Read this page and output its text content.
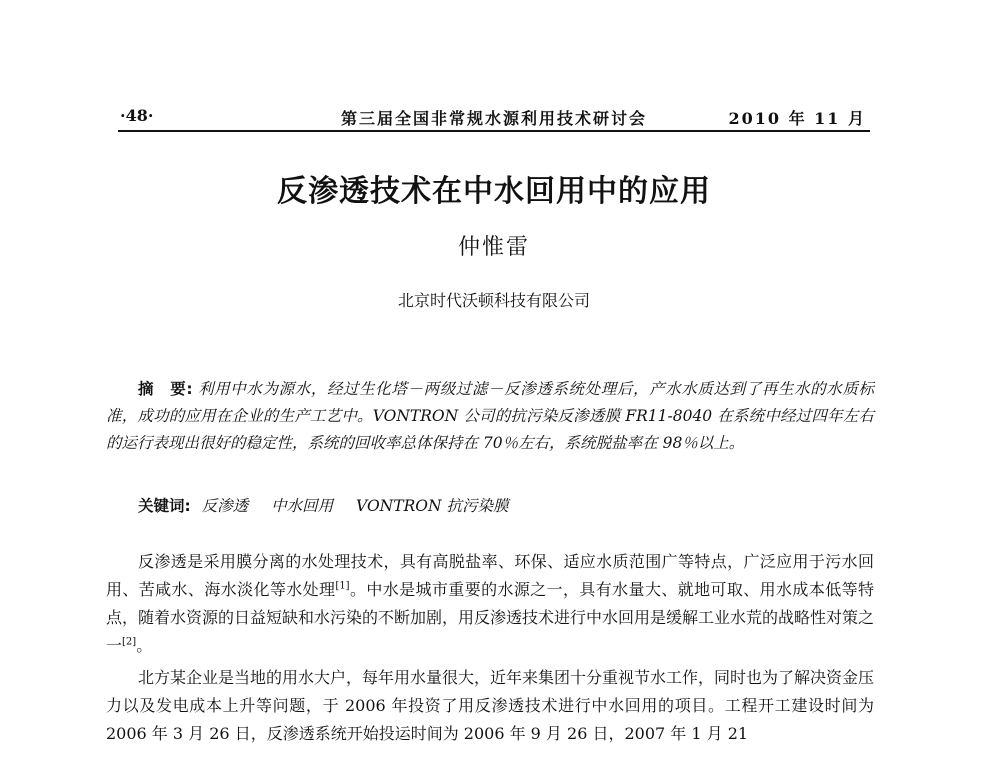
·48·	第三届全国非常规水源利用技术研讨会	2010 年 11 月
反渗透技术在中水回用中的应用
仲惟雷
北京时代沃顿科技有限公司
摘　要: 利用中水为源水，经过生化塔－两级过滤－反渗透系统处理后，产水水质达到了再生水的水质标准，成功的应用在企业的生产工艺中。VONTRON 公司的抗污染反渗透膜 FR11-8040 在系统中经过四年左右的运行表现出很好的稳定性，系统的回收率总体保持在 70％左右，系统脱盐率在 98％以上。
关键词: 反渗透 中水回用 VONTRON 抗污染膜

反渗透是采用膜分离的水处理技术，具有高脱盐率、环保、适应水质范围广等特点，广泛应用于污水回用、苦咸水、海水淡化等水处理[1]。中水是城市重要的水源之一，具有水量大、就地可取、用水成本低等特点，随着水资源的日益短缺和水污染的不断加剧，用反渗透技术进行中水回用是缓解工业水荒的战略性对策之一[2]。

北方某企业是当地的用水大户，每年用水量很大，近年来集团十分重视节水工作，同时也为了解决资金压力以及发电成本上升等问题，于 2006 年投资了用反渗透技术进行中水回用的项目。工程开工建设时间为 2006 年 3 月 26 日，反渗透系统开始投运时间为 2006 年 9 月 26 日，2007 年 1 月 21
